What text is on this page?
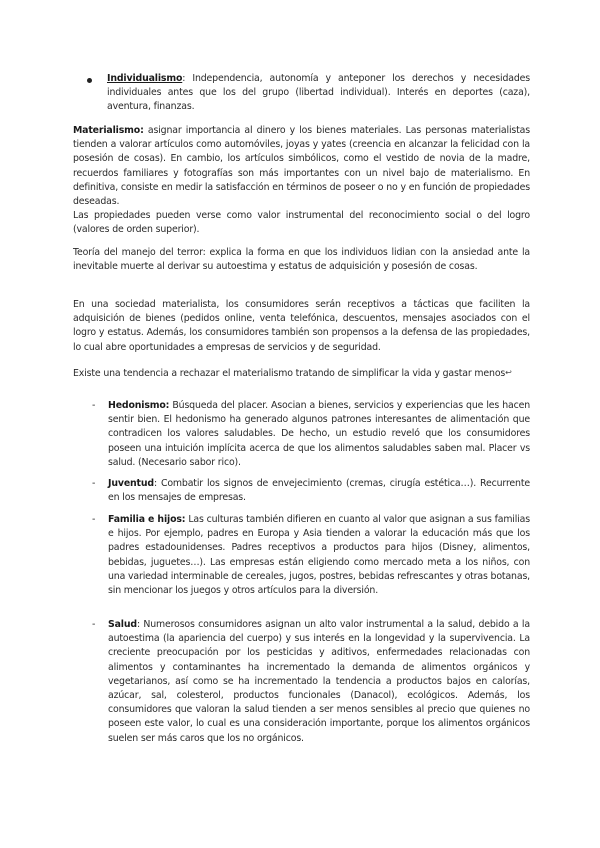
Individualismo: Independencia, autonomía y anteponer los derechos y necesidades individuales antes que los del grupo (libertad individual). Interés en deportes (caza), aventura, finanzas.

Materialismo: asignar importancia al dinero y los bienes materiales. Las personas materialistas tienden a valorar artículos como automóviles, joyas y yates (creencia en alcanzar la felicidad con la posesión de cosas). En cambio, los artículos simbólicos, como el vestido de novia de la madre, recuerdos familiares y fotografías son más importantes con un nivel bajo de materialismo. En definitiva, consiste en medir la satisfacción en términos de poseer o no y en función de propiedades deseadas.
Las propiedades pueden verse como valor instrumental del reconocimiento social o del logro (valores de orden superior).

Teoría del manejo del terror: explica la forma en que los individuos lidian con la ansiedad ante la inevitable muerte al derivar su autoestima y estatus de adquisición y posesión de cosas.

En una sociedad materialista, los consumidores serán receptivos a tácticas que faciliten la adquisición de bienes (pedidos online, venta telefónica, descuentos, mensajes asociados con el logro y estatus. Además, los consumidores también son propensos a la defensa de las propiedades, lo cual abre oportunidades a empresas de servicios y de seguridad.

Existe una tendencia a rechazar el materialismo tratando de simplificar la vida y gastar menos↩

- Hedonismo: Búsqueda del placer. Asocian a bienes, servicios y experiencias que les hacen sentir bien. El hedonismo ha generado algunos patrones interesantes de alimentación que contradicen los valores saludables. De hecho, un estudio reveló que los consumidores poseen una intuición implícita acerca de que los alimentos saludables saben mal. Placer vs salud. (Necesario sabor rico).

- Juventud: Combatir los signos de envejecimiento (cremas, cirugía estética…). Recurrente en los mensajes de empresas.

- Familia e hijos: Las culturas también difieren en cuanto al valor que asignan a sus familias e hijos. Por ejemplo, padres en Europa y Asia tienden a valorar la educación más que los padres estadounidenses. Padres receptivos a productos para hijos (Disney, alimentos, bebidas, juguetes…). Las empresas están eligiendo como mercado meta a los niños, con una variedad interminable de cereales, jugos, postres, bebidas refrescantes y otras botanas, sin mencionar los juegos y otros artículos para la diversión.

- Salud: Numerosos consumidores asignan un alto valor instrumental a la salud, debido a la autoestima (la apariencia del cuerpo) y sus interés en la longevidad y la supervivencia. La creciente preocupación por los pesticidas y aditivos, enfermedades relacionadas con alimentos y contaminantes ha incrementado la demanda de alimentos orgánicos y vegetarianos, así como se ha incrementado la tendencia a productos bajos en calorías, azúcar, sal, colesterol, productos funcionales (Danacol), ecológicos. Además, los consumidores que valoran la salud tienden a ser menos sensibles al precio que quienes no poseen este valor, lo cual es una consideración importante, porque los alimentos orgánicos suelen ser más caros que los no orgánicos.
